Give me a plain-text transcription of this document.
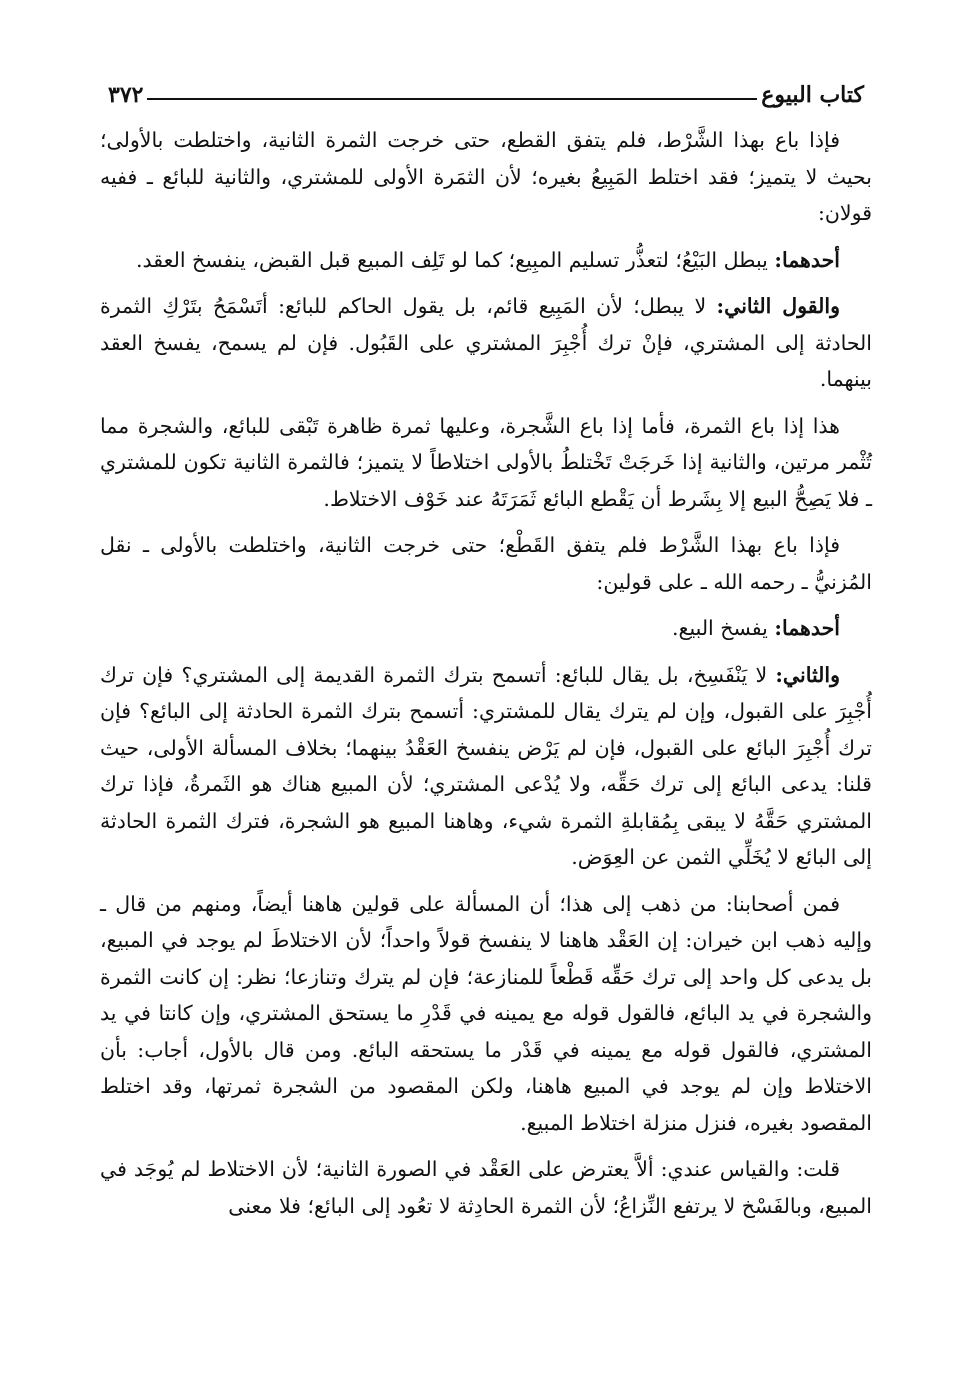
كتاب البيوع
٣٧٢

فإذا باع بهذا الشَّرْط، فلم يتفق القطع، حتى خرجت الثمرة الثانية، واختلطت بالأولى؛ بحيث لا يتميز؛ فقد اختلط المَبِيعُ بغيره؛ لأن الثمَرة الأولى للمشتري، والثانية للبائع ـ ففيه قولان:

أحدهما: يبطل البَيْعُ؛ لتعذُّر تسليم المبِيع؛ كما لو تَلِف المبيع قبل القبض، ينفسخ العقد.

والقول الثاني: لا يبطل؛ لأن المَبِيع قائم، بل يقول الحاكم للبائع: أتَسْمَحُ بتَرْكِ الثمرة الحادثة إلى المشتري، فإنْ ترك أُجْبِرَ المشتري على القَبُول. فإن لم يسمح، يفسخ العقد بينهما.

هذا إذا باع الثمرة، فأما إذا باع الشَّجرة، وعليها ثمرة ظاهرة تَبْقى للبائع، والشجرة مما تُثْمر مرتين، والثانية إذا خَرجَتْ تَخْتلطُ بالأولى اختلاطاً لا يتميز؛ فالثمرة الثانية تكون للمشتري ـ فلا يَصِحُّ البيع إلا بِشَرط أن يَقْطع البائع ثَمَرَتَهُ عند خَوْف الاختلاط.

فإذا باع بهذا الشَّرْط فلم يتفق القَطْع؛ حتى خرجت الثانية، واختلطت بالأولى ـ نقل المُزنيُّ ـ رحمه الله ـ على قولين:

أحدهما: يفسخ البيع.

والثاني: لا يَنْفَسِخ، بل يقال للبائع: أتسمح بترك الثمرة القديمة إلى المشتري؟ فإن ترك أُجْبِرَ على القبول، وإن لم يترك يقال للمشتري: أتسمح بترك الثمرة الحادثة إلى البائع؟ فإن ترك أُجْبِرَ البائع على القبول، فإن لم يَرْض ينفسخ العَقْدُ بينهما؛ بخلاف المسألة الأولى، حيث قلنا: يدعى البائع إلى ترك حَقِّه، ولا يُدْعى المشتري؛ لأن المبيع هناك هو الثَمرةُ، فإذا ترك المشتري حَقَّهُ لا يبقى بِمُقابلةِ الثمرة شيء، وهاهنا المبيع هو الشجرة، فترك الثمرة الحادثة إلى البائع لا يُخَلِّي الثمن عن العِوَض.

فمن أصحابنا: من ذهب إلى هذا؛ أن المسألة على قولين هاهنا أيضاً، ومنهم من قال ـ وإليه ذهب ابن خيران: إن العَقْد هاهنا لا ينفسخ قولاً واحداً؛ لأن الاختلاطَ لم يوجد في المبيع، بل يدعى كل واحد إلى ترك حَقِّه قَطْعاً للمنازعة؛ فإن لم يترك وتنازعا؛ نظر: إن كانت الثمرة والشجرة في يد البائع، فالقول قوله مع يمينه في قَدْرِ ما يستحق المشتري، وإن كانتا في يد المشتري، فالقول قوله مع يمينه في قَدْر ما يستحقه البائع. ومن قال بالأول، أجاب: بأن الاختلاط وإن لم يوجد في المبيع هاهنا، ولكن المقصود من الشجرة ثمرتها، وقد اختلط المقصود بغيره، فنزل منزلة اختلاط المبيع.

قلت: والقياس عندي: ألاَّ يعترض على العَقْد في الصورة الثانية؛ لأن الاختلاط لم يُوجَد في المبيع، وبالفَسْخ لا يرتفع النِّزاعُ؛ لأن الثمرة الحادِثة لا تعُود إلى البائع؛ فلا معنى
